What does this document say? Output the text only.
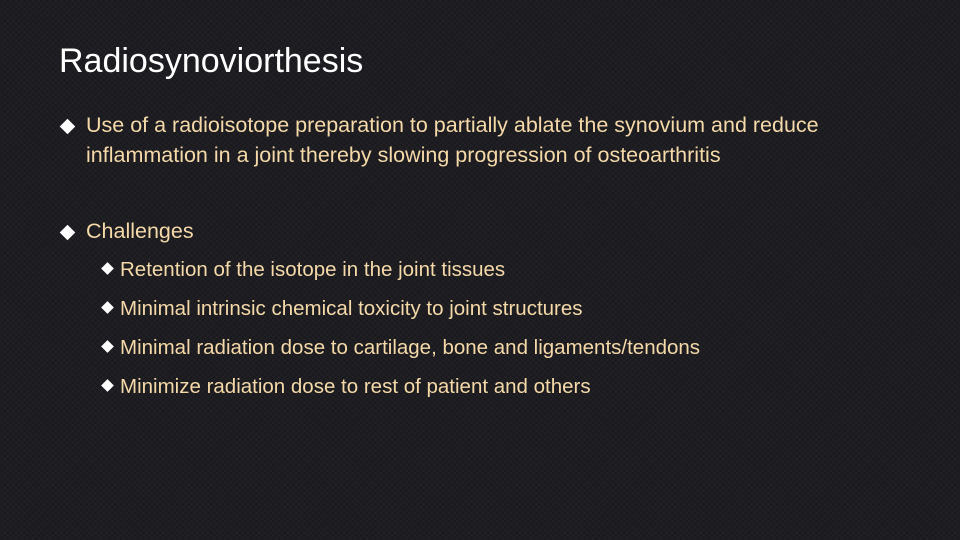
Radiosynoviorthesis
Use of a radioisotope preparation to partially ablate the synovium and reduce inflammation in a joint thereby slowing progression of osteoarthritis
Challenges
Retention of the isotope in the joint tissues
Minimal intrinsic chemical toxicity to joint structures
Minimal radiation dose to cartilage, bone and ligaments/tendons
Minimize radiation dose to rest of patient and others
